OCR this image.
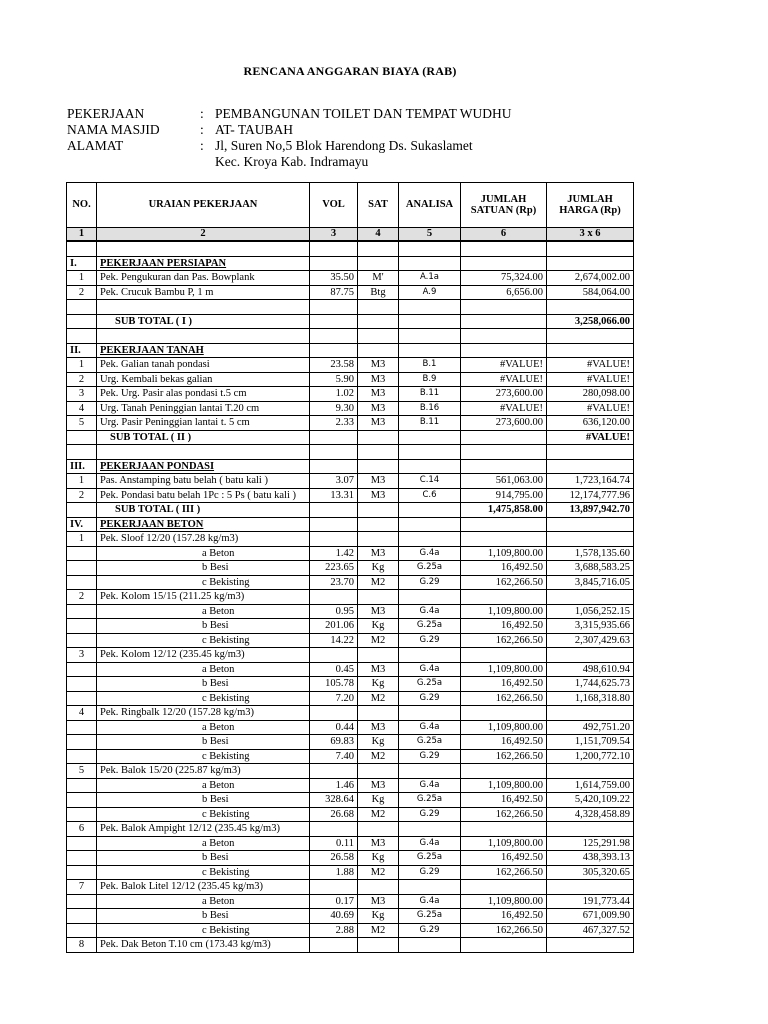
RENCANA ANGGARAN BIAYA (RAB)
PEKERJAAN	: PEMBANGUNAN TOILET DAN TEMPAT WUDHU
NAMA MASJID	: AT- TAUBAH
ALAMAT	: Jl, Suren No,5 Blok Harendong Ds. Sukaslamet
Kec. Kroya Kab. Indramayu
NO.	URAIAN PEKERJAAN	VOL	SAT	ANALISA	JUMLAH SATUAN (Rp)	JUMLAH HARGA (Rp)
1	2	3	4	5	6	3 x 6

I.	PEKERJAAN PERSIAPAN					
1	Pek. Pengukuran dan Pas. Bowplank	35.50	M'	A.1a	75,324.00	2,674,002.00
2	Pek. Crucuk Bambu P, 1 m	87.75	Btg	A.9	6,656.00	584,064.00

	SUB TOTAL ( I )					3,258,066.00

II.	PEKERJAAN TANAH					
1	Pek. Galian tanah pondasi	23.58	M3	B.1	#VALUE!	#VALUE!
2	Urg. Kembali bekas galian	5.90	M3	B.9	#VALUE!	#VALUE!
3	Pek. Urg. Pasir alas pondasi t.5 cm	1.02	M3	B.11	273,600.00	280,098.00
4	Urg. Tanah Peninggian lantai T.20 cm	9.30	M3	B.16	#VALUE!	#VALUE!
5	Urg. Pasir Peninggian lantai t. 5 cm	2.33	M3	B.11	273,600.00	636,120.00
	SUB TOTAL ( II )					#VALUE!

III.	PEKERJAAN PONDASI					
1	Pas. Anstamping batu belah ( batu kali )	3.07	M3	C.14	561,063.00	1,723,164.74
2	Pek. Pondasi batu belah 1Pc : 5 Ps ( batu kali )	13.31	M3	C.6	914,795.00	12,174,777.96
	SUB TOTAL ( III )				1,475,858.00	13,897,942.70
IV.	PEKERJAAN BETON					
1	Pek. Sloof 12/20 (157.28 kg/m3)					
	a Beton	1.42	M3	G.4a	1,109,800.00	1,578,135.60
	b Besi	223.65	Kg	G.25a	16,492.50	3,688,583.25
	c Bekisting	23.70	M2	G.29	162,266.50	3,845,716.05
2	Pek. Kolom 15/15 (211.25 kg/m3)					
	a Beton	0.95	M3	G.4a	1,109,800.00	1,056,252.15
	b Besi	201.06	Kg	G.25a	16,492.50	3,315,935.66
	c Bekisting	14.22	M2	G.29	162,266.50	2,307,429.63
3	Pek. Kolom 12/12 (235.45 kg/m3)					
	a Beton	0.45	M3	G.4a	1,109,800.00	498,610.94
	b Besi	105.78	Kg	G.25a	16,492.50	1,744,625.73
	c Bekisting	7.20	M2	G.29	162,266.50	1,168,318.80
4	Pek. Ringbalk 12/20 (157.28 kg/m3)					
	a Beton	0.44	M3	G.4a	1,109,800.00	492,751.20
	b Besi	69.83	Kg	G.25a	16,492.50	1,151,709.54
	c Bekisting	7.40	M2	G.29	162,266.50	1,200,772.10
5	Pek. Balok 15/20 (225.87 kg/m3)					
	a Beton	1.46	M3	G.4a	1,109,800.00	1,614,759.00
	b Besi	328.64	Kg	G.25a	16,492.50	5,420,109.22
	c Bekisting	26.68	M2	G.29	162,266.50	4,328,458.89
6	Pek. Balok Ampight 12/12 (235.45 kg/m3)					
	a Beton	0.11	M3	G.4a	1,109,800.00	125,291.98
	b Besi	26.58	Kg	G.25a	16,492.50	438,393.13
	c Bekisting	1.88	M2	G.29	162,266.50	305,320.65
7	Pek. Balok Litel 12/12 (235.45 kg/m3)					
	a Beton	0.17	M3	G.4a	1,109,800.00	191,773.44
	b Besi	40.69	Kg	G.25a	16,492.50	671,009.90
	c Bekisting	2.88	M2	G.29	162,266.50	467,327.52
8	Pek. Dak Beton T.10 cm (173.43 kg/m3)					
